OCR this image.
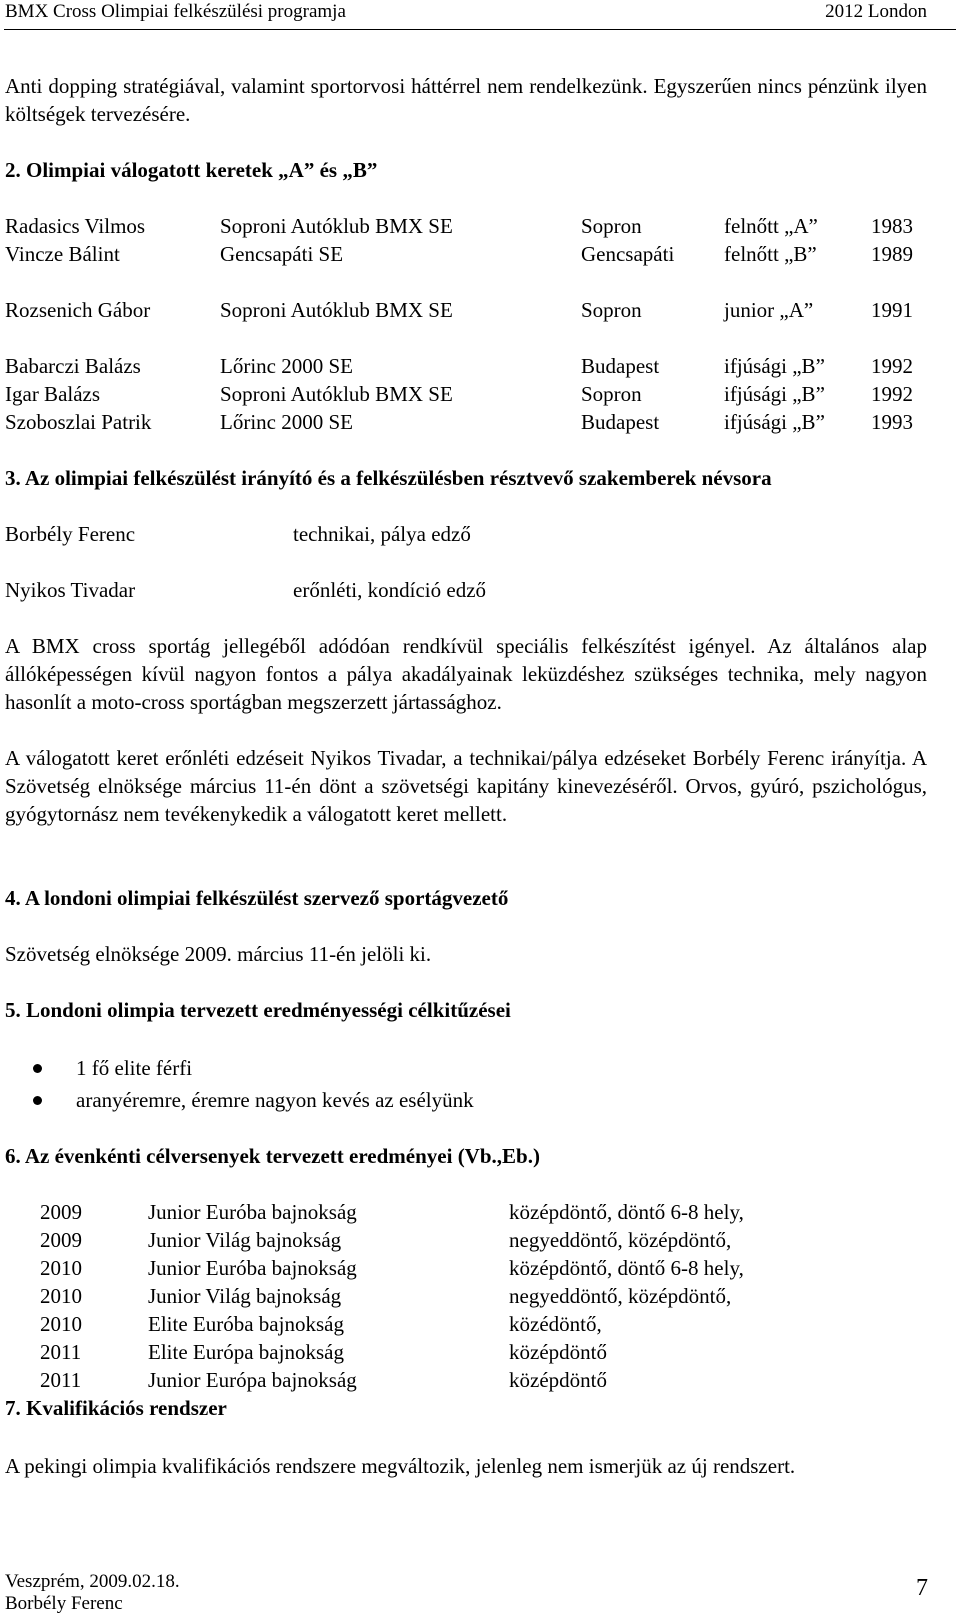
BMX Cross Olimpiai felkészülési programja	2012 London
Anti dopping stratégiával, valamint sportorvosi háttérrel nem rendelkezünk. Egyszerűen nincs pénzünk ilyen költségek tervezésére.
2. Olimpiai válogatott keretek „A” és „B”
Radasics Vilmos	Soproni Autóklub BMX SE	Sopron	felnőtt „A”	1983
Vincze Bálint	Gencsapáti SE	Gencsapáti felnőtt „B”	1989
Rozsenich Gábor	Soproni Autóklub BMX SE	Sopron	junior „A”	1991
Babarczi Balázs	Lőrinc 2000 SE	Budapest	ifjúsági „B” 1992
Igar Balázs	Soproni Autóklub BMX SE	Sopron	ifjúsági „B” 1992
Szoboszlai Patrik	Lőrinc 2000 SE	Budapest	ifjúsági „B” 1993
3. Az olimpiai felkészülést irányító és a felkészülésben résztvevő szakemberek névsora
Borbély Ferenc	technikai, pálya edző
Nyikos Tivadar	erőnléti, kondíció edző
A BMX cross sportág jellegéből adódóan rendkívül speciális felkészítést igényel. Az általános alap állóképességen kívül nagyon fontos a pálya akadályainak leküzdéshez szükséges technika, mely nagyon hasonlít a moto-cross sportágban megszerzett jártassághoz.
A válogatott keret erőnléti edzéseit Nyikos Tivadar, a technikai/pálya edzéseket Borbély Ferenc irányítja. A Szövetség elnöksége március 11-én dönt a szövetségi kapitány kinevezéséről. Orvos, gyúró, pszichológus, gyógytornász nem tevékenykedik a válogatott keret mellett.
4. A londoni olimpiai felkészülést szervező sportágvezető
Szövetség elnöksége 2009. március 11-én jelöli ki.
5. Londoni olimpia tervezett eredményességi célkitűzései
1 fő elite férfi
aranyéremre, éremre nagyon kevés az esélyünk
6. Az évenkénti célversenyek tervezett eredményei (Vb.,Eb.)
2009	Junior Euróba bajnokság	középdöntő, döntő 6-8 hely,
2009	Junior Világ bajnokság	negyeddöntő, középdöntő,
2010	Junior Euróba bajnokság	középdöntő, döntő 6-8 hely,
2010	Junior Világ bajnokság	negyeddöntő, középdöntő,
2010	Elite Euróba bajnokság	közédöntő,
2011	Elite Európa bajnokság	középdöntő
2011	Junior Európa bajnokság	középdöntő
7. Kvalifikációs rendszer
A pekingi olimpia kvalifikációs rendszere megváltozik, jelenleg nem ismerjük az új rendszert.
Veszprém, 2009.02.18.
Borbély Ferenc
7
